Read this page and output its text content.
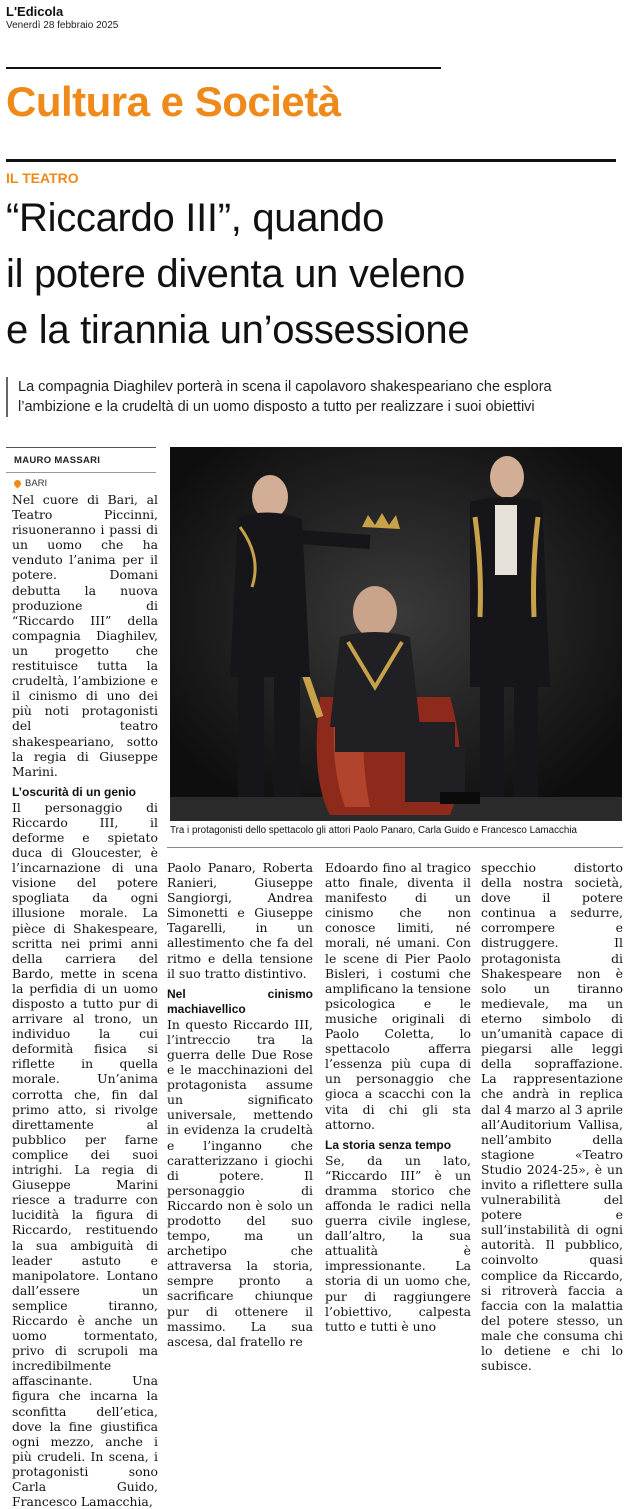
L'Edicola
Venerdì 28 febbraio 2025
Cultura e Società
IL TEATRO
“Riccardo III”, quando
il potere diventa un veleno
e la tirannia un’ossessione
La compagnia Diaghilev porterà in scena il capolavoro shakespeariano che esplora
l’ambizione e la crudeltà di un uomo disposto a tutto per realizzare i suoi obiettivi
MAURO MASSARI
BARI

Nel cuore di Bari, al Teatro Piccinni, risuoneranno i passi di un uomo che ha venduto l’anima per il potere. Domani debutta la nuova produzione di “Riccardo III” della compagnia Diaghilev, un progetto che restituisce tutta la crudeltà, l’ambizione e il cinismo di uno dei più noti protagonisti del teatro shakespeariano, sotto la regia di Giuseppe Marini.

L’oscurità di un genio

Il personaggio di Riccardo III, il deforme e spietato duca di Gloucester, è l’incarnazione di una visione del potere spogliata da ogni illusione morale. La pièce di Shakespeare, scritta nei primi anni della carriera del Bardo, mette in scena la perfidia di un uomo disposto a tutto pur di arrivare al trono, un individuo la cui deformità fisica si riflette in quella morale. Un’anima corrotta che, fin dal primo atto, si rivolge direttamente al pubblico per farne complice dei suoi intrighi. La regia di Giuseppe Marini riesce a tradurre con lucidità la figura di Riccardo, restituendo la sua ambiguità di leader astuto e manipolatore. Lontano dall’essere un semplice tiranno, Riccardo è anche un uomo tormentato, privo di scrupoli ma incredibilmente affascinante. Una figura che incarna la sconfitta dell’etica, dove la fine giustifica ogni mezzo, anche i più crudeli. In scena, i protagonisti sono Carla Guido, Francesco Lamacchia,

Tra i protagonisti dello spettacolo gli attori Paolo Panaro, Carla Guido e Francesco Lamacchia

Paolo Panaro, Roberta Ranieri, Giuseppe Sangiorgi, Andrea Simonetti e Giuseppe Tagarelli, in un allestimento che fa del ritmo e della tensione il suo tratto distintivo.

Nel cinismo machiavellico

In questo Riccardo III, l’intreccio tra la guerra delle Due Rose e le macchinazioni del protagonista assume un significato universale, mettendo in evidenza la crudeltà e l’inganno che caratterizzano i giochi di potere. Il personaggio di Riccardo non è solo un prodotto del suo tempo, ma un archetipo che attraversa la storia, sempre pronto a sacrificare chiunque pur di ottenere il massimo. La sua ascesa, dal fratello re

Edoardo fino al tragico atto finale, diventa il manifesto di un cinismo che non conosce limiti, né morali, né umani. Con le scene di Pier Paolo Bisleri, i costumi che amplificano la tensione psicologica e le musiche originali di Paolo Coletta, lo spettacolo afferra l’essenza più cupa di un personaggio che gioca a scacchi con la vita di chi gli sta attorno.

La storia senza tempo

Se, da un lato, “Riccardo III” è un dramma storico che affonda le radici nella guerra civile inglese, dall’altro, la sua attualità è impressionante. La storia di un uomo che, pur di raggiungere l’obiettivo, calpesta tutto e tutti è uno

specchio distorto della nostra società, dove il potere continua a sedurre, corrompere e distruggere. Il protagonista di Shakespeare non è solo un tiranno medievale, ma un eterno simbolo di un’umanità capace di piegarsi alle leggi della sopraffazione. La rappresentazione che andrà in replica dal 4 marzo al 3 aprile all’Auditorium Vallisa, nell’ambito della stagione «Teatro Studio 2024-25», è un invito a riflettere sulla vulnerabilità del potere e sull’instabilità di ogni autorità. Il pubblico, coinvolto quasi complice da Riccardo, si ritroverà faccia a faccia con la malattia del potere stesso, un male che consuma chi lo detiene e chi lo subisce.
